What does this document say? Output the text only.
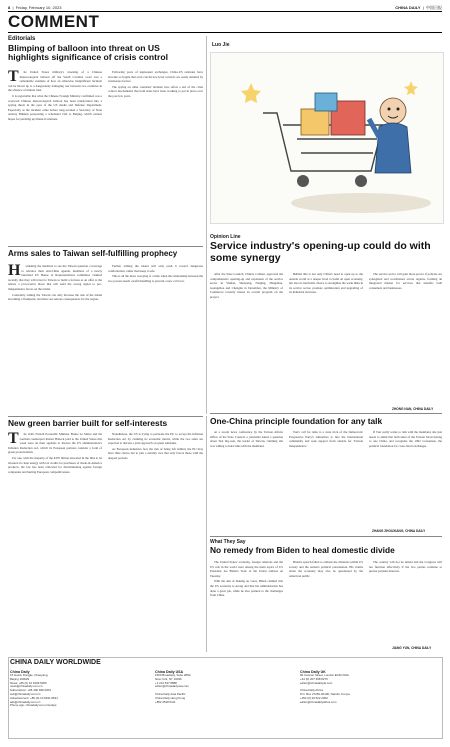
8  |  Friday, February 10, 2023	CHINA DAILY  |  中国日报
COMMENT
Editorials
Blimping of balloon into threat on US highlights significance of crisis control
T	he United States military's downing of a Chinese meteorological balloon off the South Carolina coast was a remarkable example of how an otherwise insignificant incident can be blown up to a dangerously damaging war between two countries in the absence of mutual trust.

It is regrettable that what the Chinese Foreign Ministry confirmed was a wayward Chinese meteorological balloon has been transformed into a spying threat in the eyes of the US media and Defense Department. Especially as the incident came before long-awaited a Secretary of State Antony Blinken postponing a scheduled visit to Beijing, which earnest hopes for patching up bilateral relations.

Following years of unpleasant exchanges, China-US relations have become so fragile that even crucial low-level contacts are easily derailed by extraneous factors.

The spying on other countries' incident now offers a test of the crisis control mechanisms that both sides have been working to put in place over the past few years.

Arms sales to Taiwan self-fulfilling prophecy
H	ardening the intention to see the Taiwan question a leverage to advance their anti-China agenda, members of a newly launched US House of Representatives committee claimed recently that they will travel to Taiwan to build a fortress as an offer to the island, a provocative move that will send the wrong signal to pro-independence forces on the island.

Constantly arming the Taiwan can only increase the risk of the island becoming a flashpoint, and there are serious consequences for the region.

Further arming the island will only push it toward dangerous confrontation, rather than keep it safe.

This is all the more worrying at a time when the relationship between the two powers needs careful handling to prevent a new cold war.

Luo Jie
Opinion Line
Service industry's opening-up could do with some synergy

After the State Council, China's Cabinet, approved the comprehensive opening-up and expansion of the service sector in Wuhan, Shenyang, Nanjing, Hangzhou, Guangzhou and Chengdu in December, the Ministry of Commerce recently issued an overall program on the project.

Behind this is not only China's need to open up to the outside world at a deeper level to build an open economy, but also its inevitable choice to strengthen the weak links in its service sector, promote optimization and upgrading of its industrial structure.

The service sector will gain more power if policies are synergized and coordinated across regions, forming an integrated market for services that benefits both consumers and businesses.

ZHONG NAN, CHINA DAILY
One-China principle foundation for any talk

At a recent news conference by the Taiwan Affairs Office of the State Council, a journalist asked a question about Tsai Ing-wen, the leader of Taiwan, claiming she was willing to hold talks with the mainland.

Tsai's call for talks is a stale trick of the Democratic Progressive Party's authorities to lure the international community and seek support from outside for 'Taiwan independence.'

If Tsai really wants to talk with the mainland, she just needs to admit that both sides of the Taiwan Strait belong to one China, and recognize the 1992 Consensus, the political foundation for cross-Strait exchanges.

ZHANG ZHOUXIANG, CHINA DAILY
New green barrier built for self-interests
T	he visits French Economic Minister Bruno Le Maire and his German counterpart Robert Habeck paid to the United States this week were on their agendas to discuss the US administration's Inflation Reduction Act, which its European partners consider a form of green protectionism.

For one, with the majority of the $370 billion allocated in the IRA to be invested in clean energy with tax credits for purchases of made-in-America products, the law has been criticized for discriminating against foreign companies and hurting European competitiveness.

Nonetheless, the US is trying to persuade the EU to accept the Inflation Reduction Act by claiming its economic merits, while the two sides are expected to discuss a joint approach on green subsidies.

As European industries face the risk of being left behind, the EU may have little choice but to join a subsidy race that only favors those with the deepest pockets.

What They Say
No remedy from Biden to heal domestic divide

The United States' economy, foreign relations and the US role in the world were among the main topics of US President Joe Biden's State of the Union address on Tuesday.

With the aim of making up votes, Biden claimed that the US economy is strong and that his administration has done a great job, while he also pointed to the challenges from China.

Biden's speech failed to address the divisions within US society and the nation's political polarization. His claims about the economy may also be questioned by the American public.

The country will not be united and the Congress will not function effectively if the two parties continue to pursue partisan interests.

JIANG YUN, CHINA DAILY
CHINA DAILY WORLDWIDE
China Daily
15 Huixin Dongjie, Chaoyang,
Beijing 100029
News: +86 (0) 10 6499 5000
news@chinadaily.com.cn
Subscription: +86 400 699 0203
sub@chinadaily.com.cn
Advertisement: +86 (0) 10 6491 8631
ads@chinadaily.com.cn
Phone app: chinadaily.com.cn/e/app
China Daily USA
1500 Broadway, Suite 2800,
New York, NY 10036
+1 212 537 8888
editor@chinadailyusa.com

China Daily Asia Pacific
China Daily Hong Kong
+852 2518 5111
China Daily UK
90 Cannon Street, London EC4N 6HA
+44 (0) 207 398 8270
editor@chinadailyuk.com

China Daily Africa
P.O. Box 27281-00100, Nairobi, Kenya
+254 (0) 20 522 2060
editor@chinadailyafrica.com
